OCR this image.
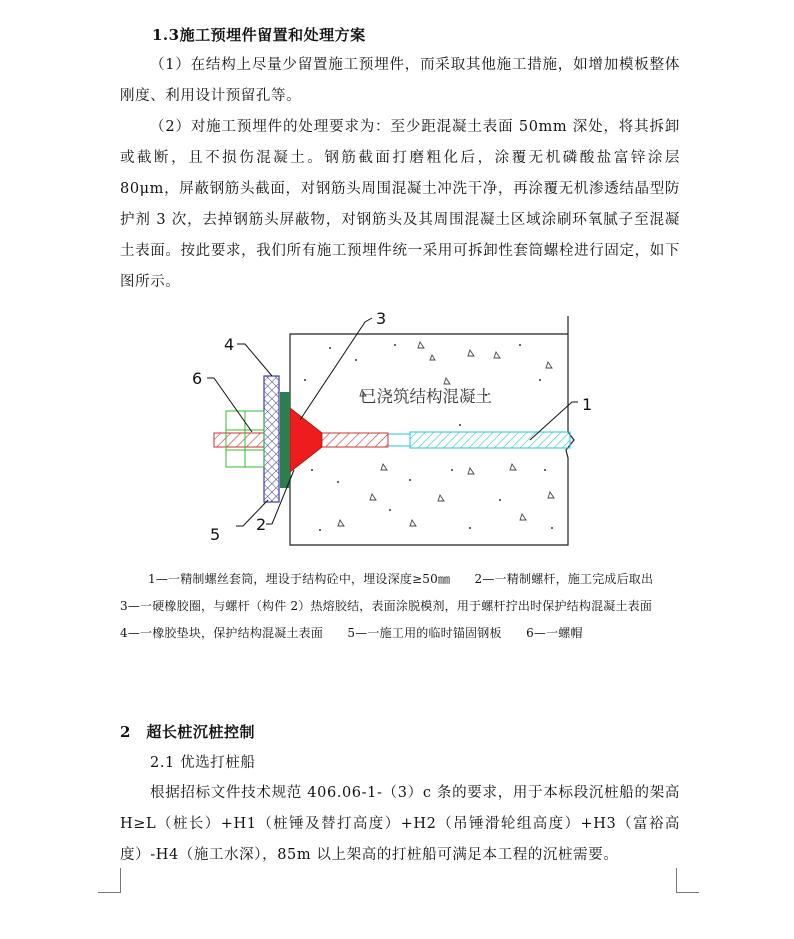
1.3施工预埋件留置和处理方案

（1）在结构上尽量少留置施工预埋件，而采取其他施工措施，如增加模板整体刚度、利用设计预留孔等。

（2）对施工预埋件的处理要求为：至少距混凝土表面 50mm 深处，将其拆卸或截断，且不损伤混凝土。钢筋截面打磨粗化后，涂覆无机磷酸盐富锌涂层 80μm，屏蔽钢筋头截面，对钢筋头周围混凝土冲洗干净，再涂覆无机渗透结晶型防护剂 3 次，去掉钢筋头屏蔽物，对钢筋头及其周围混凝土区域涂刷环氧腻子至混凝土表面。按此要求，我们所有施工预埋件统一采用可拆卸性套筒螺栓进行固定，如下图所示。

已浇筑结构混凝土
3
1
4
6
5
2

1—一精制螺丝套筒，埋设于结构砼中，埋设深度≥50㎜　　2—一精制螺杆，施工完成后取出　　3—一硬橡胶圈，与螺杆（构件 2）热熔胶结，表面涂脱模剂，用于螺杆拧出时保护结构混凝土表面　　4—一橡胶垫块，保护结构混凝土表面　　5—一施工用的临时锚固钢板　　6—一螺帽

2　超长桩沉桩控制
2.1 优选打桩船

根据招标文件技术规范 406.06-1-（3）c 条的要求，用于本标段沉桩船的架高 H≥L（桩长）+H1（桩锤及替打高度）+H2（吊锤滑轮组高度）+H3（富裕高度）-H4（施工水深），85m 以上架高的打桩船可满足本工程的沉桩需要。
